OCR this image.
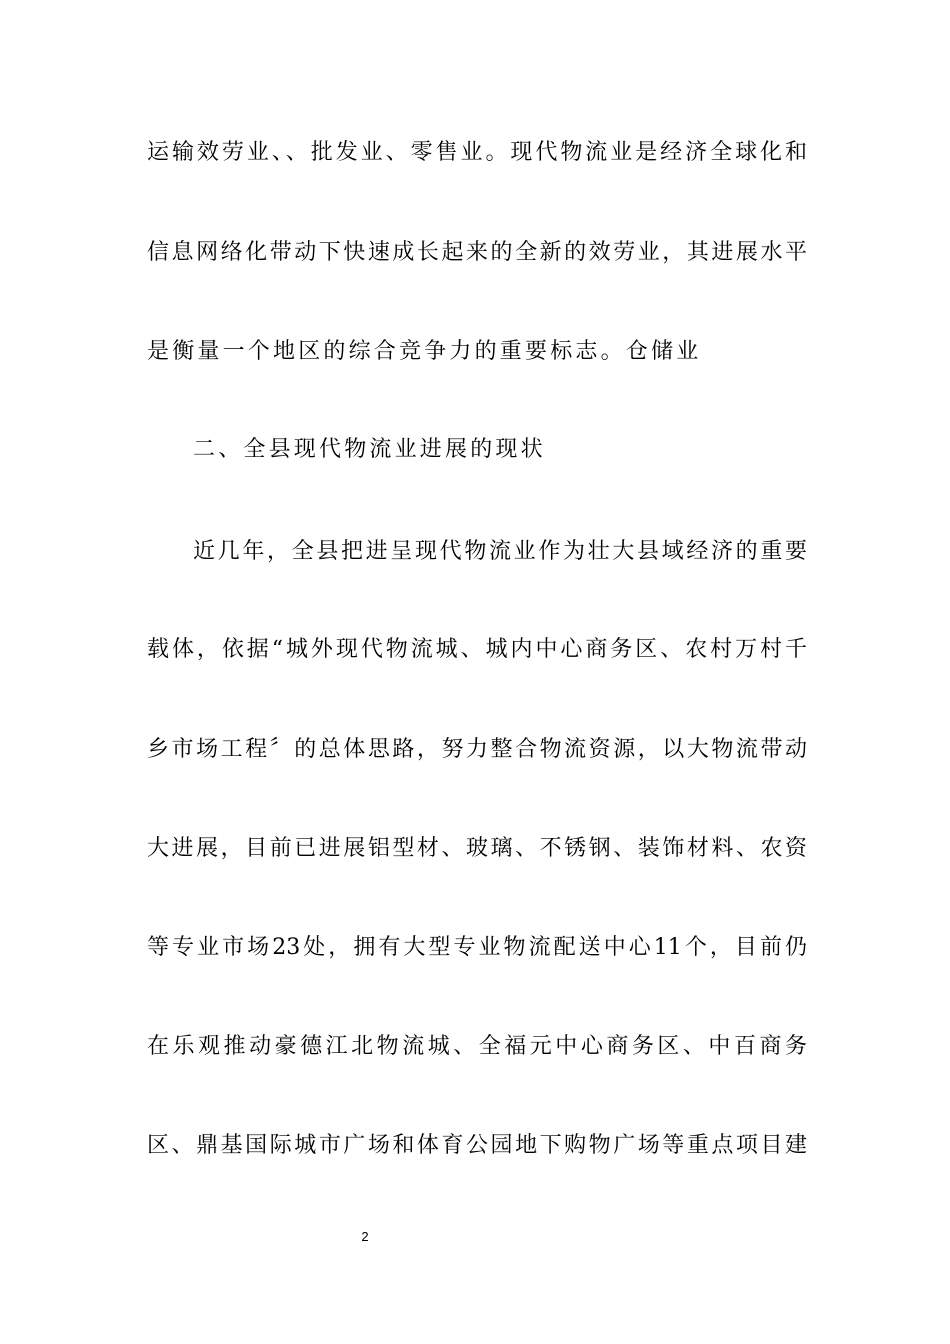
运输效劳业、、批发业、零售业。现代物流业是经济全球化和
信息网络化带动下快速成长起来的全新的效劳业，其进展水平
是衡量一个地区的综合竞争力的重要标志。仓储业
二、全县现代物流业进展的现状
近几年，全县把进呈现代物流业作为壮大县域经济的重要
载体，依据“城外现代物流城、城内中心商务区、农村万村千
乡市场工程〞的总体思路，努力整合物流资源，以大物流带动
大进展，目前已进展铝型材、玻璃、不锈钢、装饰材料、农资
等专业市场23处，拥有大型专业物流配送中心11个，目前仍
在乐观推动豪德江北物流城、全福元中心商务区、中百商务
区、鼎基国际城市广场和体育公园地下购物广场等重点项目建
2
